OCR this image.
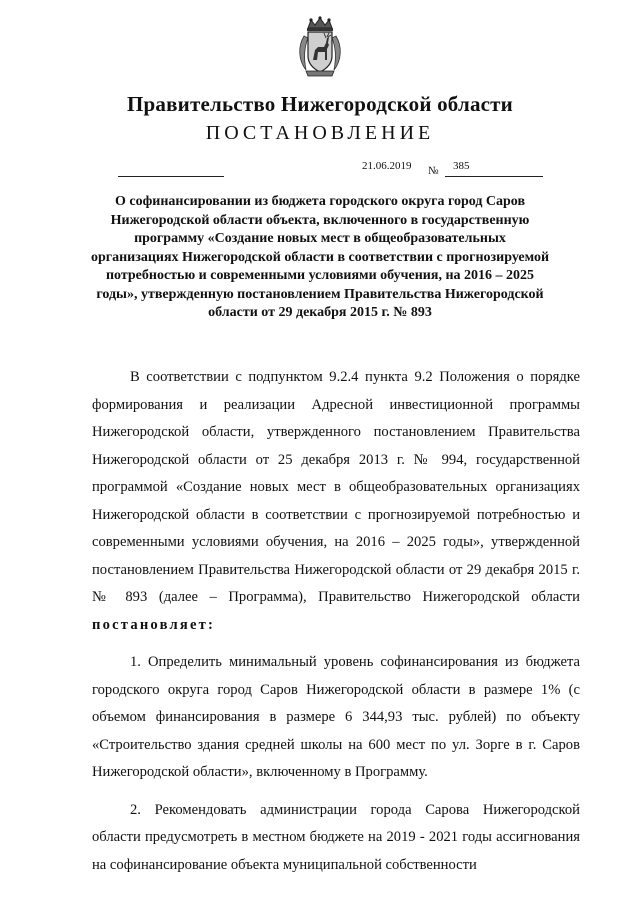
Правительство Нижегородской области
ПОСТАНОВЛЕНИЕ
21.06.2019 № 385
О софинансировании из бюджета городского округа город Саров Нижегородской области объекта, включенного в государственную программу «Создание новых мест в общеобразовательных организациях Нижегородской области в соответствии с прогнозируемой потребностью и современными условиями обучения, на 2016 – 2025 годы», утвержденную постановлением Правительства Нижегородской области от 29 декабря 2015 г. № 893

В соответствии с подпунктом 9.2.4 пункта 9.2 Положения о порядке формирования и реализации Адресной инвестиционной программы Нижегородской области, утвержденного постановлением Правительства Нижегородской области от 25 декабря 2013 г. № 994, государственной программой «Создание новых мест в общеобразовательных организациях Нижегородской области в соответствии с прогнозируемой потребностью и современными условиями обучения, на 2016 – 2025 годы», утвержденной постановлением Правительства Нижегородской области от 29 декабря 2015 г. № 893 (далее – Программа), Правительство Нижегородской области постановляет:

1. Определить минимальный уровень софинансирования из бюджета городского округа город Саров Нижегородской области в размере 1% (с объемом финансирования в размере 6 344,93 тыс. рублей) по объекту «Строительство здания средней школы на 600 мест по ул. Зорге в г. Саров Нижегородской области», включенному в Программу.

2. Рекомендовать администрации города Сарова Нижегородской области предусмотреть в местном бюджете на 2019 - 2021 годы ассигнования на софинансирование объекта муниципальной собственности
